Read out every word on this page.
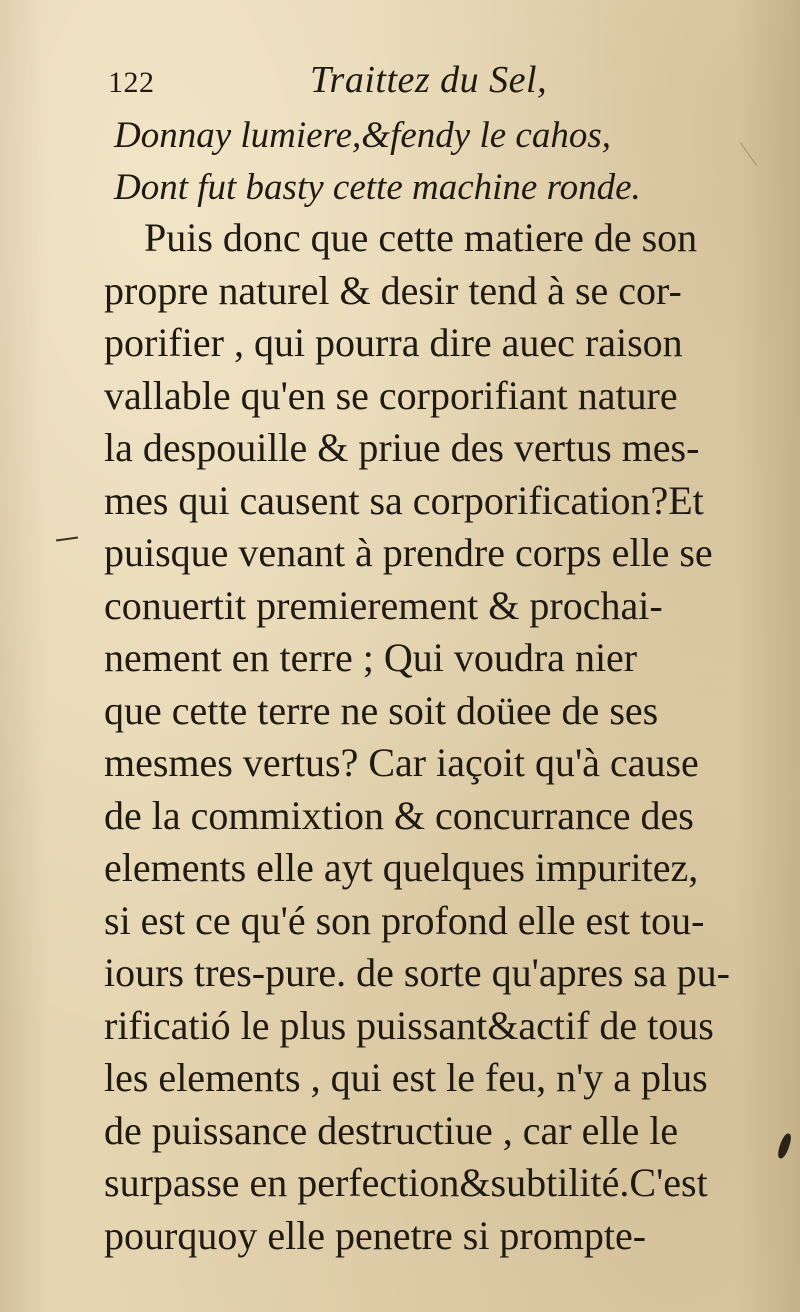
122	Traittez du Sel,
Donnay lumiere,&fendy le cahos,
Dont fut basty cette machine ronde.
Puis donc que cette matiere de son
propre naturel & desir tend à se cor-
porifier , qui pourra dire auec raison
vallable qu'en se corporifiant nature
la despouille & priue des vertus mes-
mes qui causent sa corporification?Et
puisque venant à prendre corps elle se
conuertit premierement & prochai-
nement en terre ; Qui voudra nier
que cette terre ne soit doüee de ses
mesmes vertus? Car iaçoit qu'à cause
de la commixtion & concurrance des
elements elle ayt quelques impuritez,
si est ce qu'é son profond elle est tou-
iours tres-pure. de sorte qu'apres sa pu-
rificatió le plus puissant&actif de tous
les elements , qui est le feu, n'y a plus
de puissance destructiue , car elle le
surpasse en perfection&subtilité.C'est
pourquoy elle penetre si prompte-
